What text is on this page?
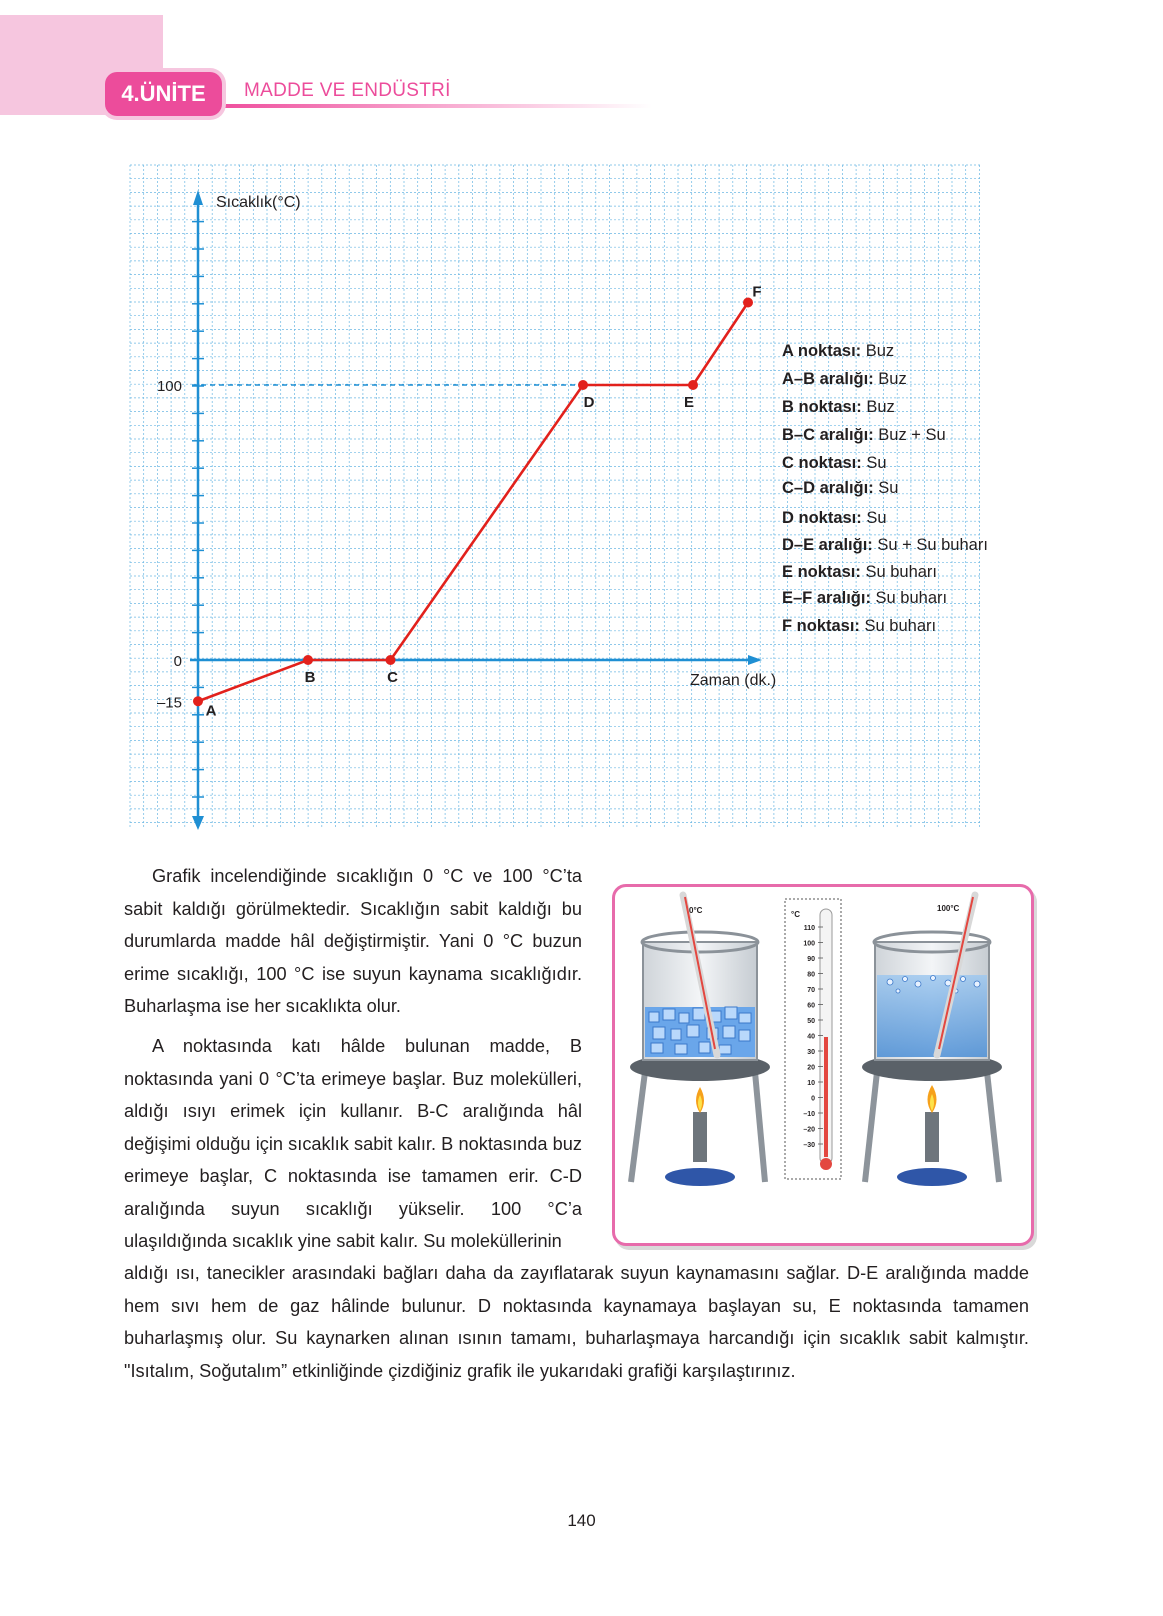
4.ÜNİTE	MADDE VE ENDÜSTRİ
Sıcaklık(°C)
Zaman (dk.)
100
0
–15 A
B	C
D	E
F
A noktası: Buz
A–B aralığı: Buz
B noktası: Buz
B–C aralığı: Buz + Su
C noktası: Su
C–D aralığı: Su
D noktası: Su
D–E aralığı: Su + Su buharı
E noktası: Su buharı
E–F aralığı: Su buharı
F noktası: Su buharı

Grafik incelendiğinde sıcaklığın 0 °C ve 100 °C’ta sabit kaldığı görülmektedir. Sıcaklığın sabit kaldığı bu durumlarda madde hâl değiştirmiştir. Yani 0 °C buzun erime sıcaklığı, 100 °C ise suyun kaynama sıcaklığıdır. Buharlaşma ise her sıcaklıkta olur.

A noktasında katı hâlde bulunan madde, B noktasında yani 0 °C’ta erimeye başlar. Buz molekülleri, aldığı ısıyı erimek için kullanır. B-C aralığında hâl değişimi olduğu için sıcaklık sabit kalır. B noktasında buz erimeye başlar, C noktasında ise tamamen erir. C-D aralığında suyun sıcaklığı yükselir. 100 °C’a ulaşıldığında sıcaklık yine sabit kalır. Su moleküllerinin

aldığı ısı, tanecikler arasındaki bağları daha da zayıflatarak suyun kaynamasını sağlar. D-E aralığında madde hem sıvı hem de gaz hâlinde bulunur. D noktasında kaynamaya başlayan su, E noktasında tamamen buharlaşmış olur. Su kaynarken alınan ısının tamamı, buharlaşmaya harcandığı için sıcaklık sabit kalmıştır. "Isıtalım, Soğutalım” etkinliğinde çizdiğiniz grafik ile yukarıdaki grafiği karşılaştırınız.

0°C	°C
110
100
90
80
70
60
50
40
30
20
10
0
–10
–20
–30
100°C
140
